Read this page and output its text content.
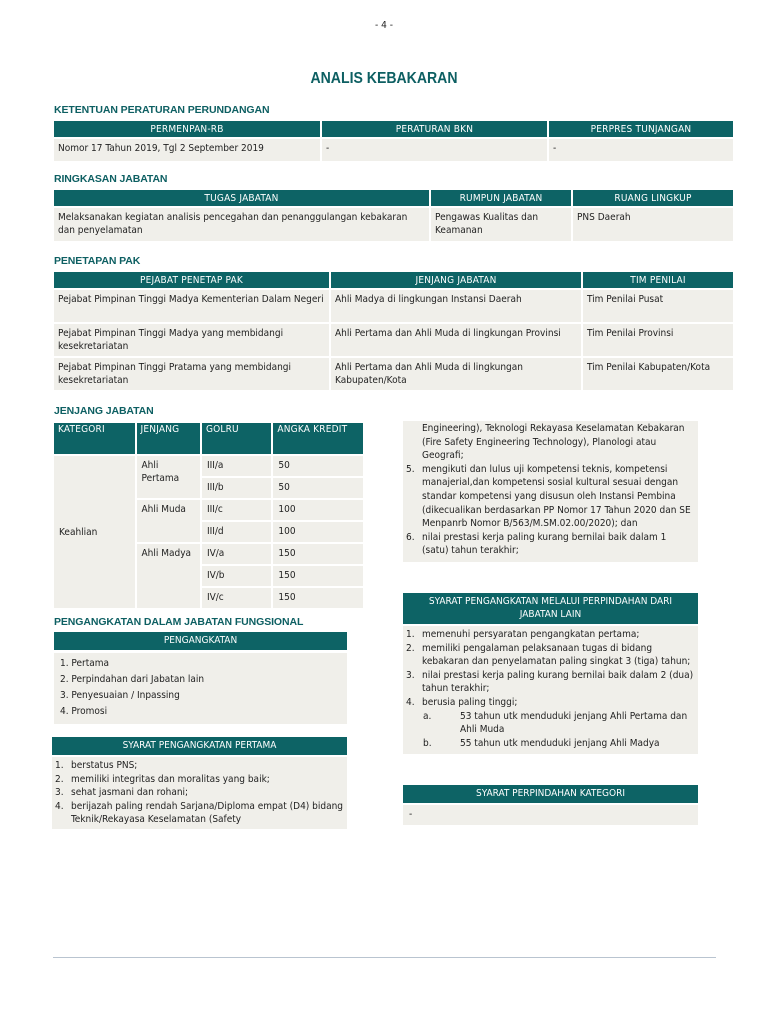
- 4 -
ANALIS KEBAKARAN
KETENTUAN PERATURAN PERUNDANGAN
PERMENPAN-RB	PERATURAN BKN	PERPRES TUNJANGAN
Nomor 17 Tahun 2019, Tgl 2 September 2019	-	-
RINGKASAN JABATAN
TUGAS JABATAN	RUMPUN JABATAN	RUANG LINGKUP
Melaksanakan kegiatan analisis pencegahan dan penanggulangan kebakaran dan penyelamatan	Pengawas Kualitas dan Keamanan	PNS Daerah
PENETAPAN PAK
PEJABAT PENETAP PAK	JENJANG JABATAN	TIM PENILAI
Pejabat Pimpinan Tinggi Madya Kementerian Dalam Negeri	Ahli Madya di lingkungan Instansi Daerah	Tim Penilai Pusat
Pejabat Pimpinan Tinggi Madya yang membidangi kesekretariatan	Ahli Pertama dan Ahli Muda di lingkungan Provinsi	Tim Penilai Provinsi
Pejabat Pimpinan Tinggi Pratama yang membidangi kesekretariatan	Ahli Pertama dan Ahli Muda di lingkungan Kabupaten/Kota	Tim Penilai Kabupaten/Kota
JENJANG JABATAN
KATEGORI	JENJANG	GOLRU	ANGKA KREDIT
Keahlian	Ahli Pertama	III/a	50
		III/b	50
	Ahli Muda	III/c	100
		III/d	100
	Ahli Madya	IV/a	150
		IV/b	150
		IV/c	150
PENGANGKATAN DALAM JABATAN FUNGSIONAL
PENGANGKATAN
1. Pertama
2. Perpindahan dari Jabatan lain
3. Penyesuaian / Inpassing
4. Promosi
SYARAT PENGANGKATAN PERTAMA
1. berstatus PNS;
2. memiliki integritas dan moralitas yang baik;
3. sehat jasmani dan rohani;
4. berijazah paling rendah Sarjana/Diploma empat (D4) bidang Teknik/Rekayasa Keselamatan (Safety
Engineering), Teknologi Rekayasa Keselamatan Kebakaran (Fire Safety Engineering Technology), Planologi atau Geografi;
5. mengikuti dan lulus uji kompetensi teknis, kompetensi manajerial,dan kompetensi sosial kultural sesuai dengan standar kompetensi yang disusun oleh Instansi Pembina (dikecualikan berdasarkan PP Nomor 17 Tahun 2020 dan SE Menpanrb Nomor B/563/M.SM.02.00/2020); dan
6. nilai prestasi kerja paling kurang bernilai baik dalam 1 (satu) tahun terakhir;
SYARAT PENGANGKATAN MELALUI PERPINDAHAN DARI JABATAN LAIN
1. memenuhi persyaratan pengangkatan pertama;
2. memiliki pengalaman pelaksanaan tugas di bidang kebakaran dan penyelamatan paling singkat 3 (tiga) tahun;
3. nilai prestasi kerja paling kurang bernilai baik dalam 2 (dua) tahun terakhir;
4. berusia paling tinggi;
a.	53 tahun utk menduduki jenjang Ahli Pertama dan Ahli Muda
b.	55 tahun utk menduduki jenjang Ahli Madya
SYARAT PERPINDAHAN KATEGORI
-
